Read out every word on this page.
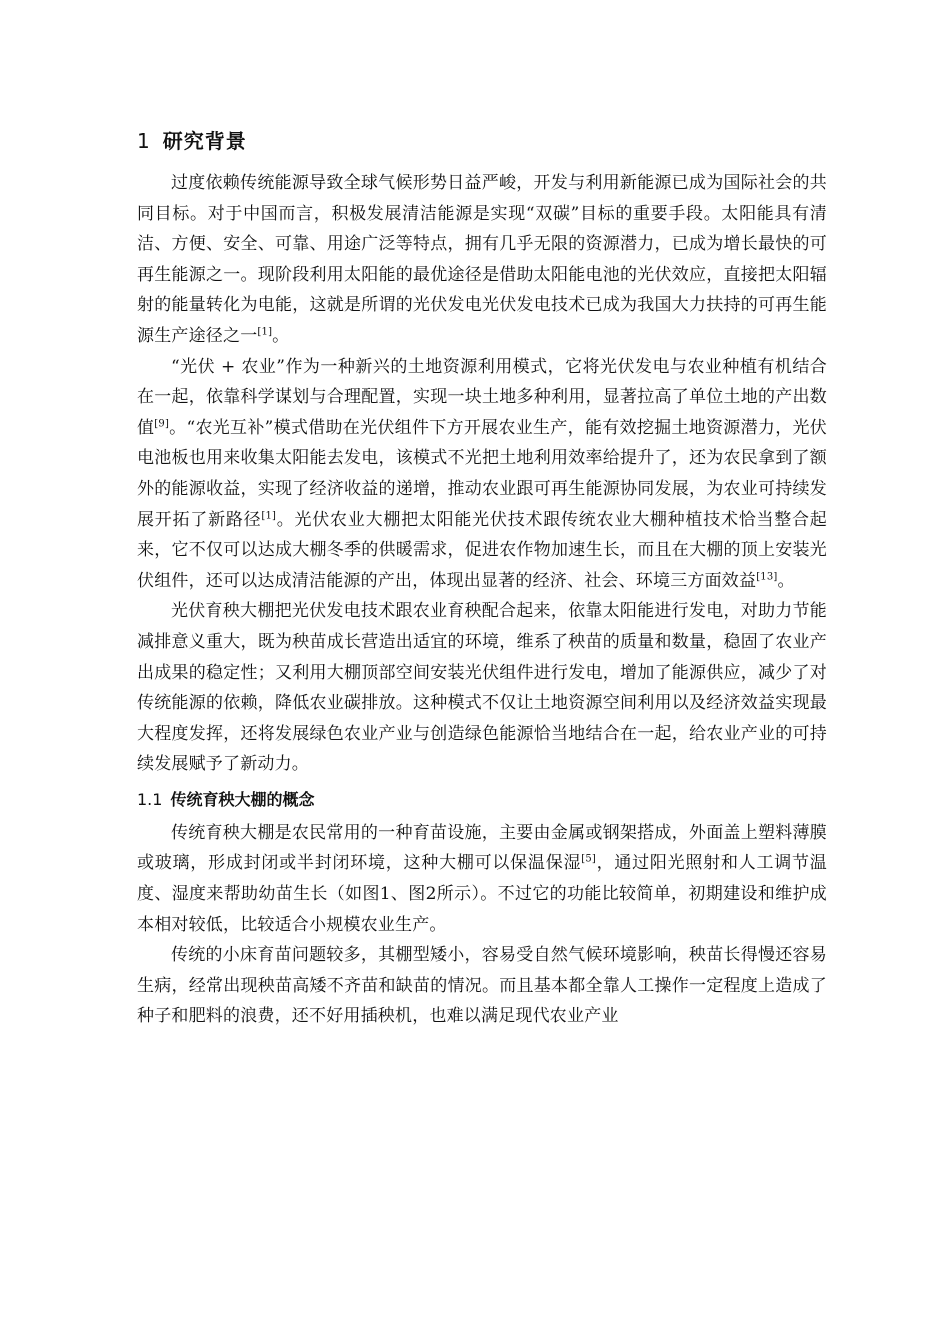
1 研究背景

过度依赖传统能源导致全球气候形势日益严峻，开发与利用新能源已成为国际社会的共同目标。对于中国而言，积极发展清洁能源是实现“双碳”目标的重要手段。太阳能具有清洁、方便、安全、可靠、用途广泛等特点，拥有几乎无限的资源潜力，已成为增长最快的可再生能源之一。现阶段利用太阳能的最优途径是借助太阳能电池的光伏效应，直接把太阳辐射的能量转化为电能，这就是所谓的光伏发电光伏发电技术已成为我国大力扶持的可再生能源生产途径之一[1]。

“光伏 + 农业”作为一种新兴的土地资源利用模式，它将光伏发电与农业种植有机结合在一起，依靠科学谋划与合理配置，实现一块土地多种利用，显著拉高了单位土地的产出数值[9]。“农光互补”模式借助在光伏组件下方开展农业生产，能有效挖掘土地资源潜力，光伏电池板也用来收集太阳能去发电，该模式不光把土地利用效率给提升了，还为农民拿到了额外的能源收益，实现了经济收益的递增，推动农业跟可再生能源协同发展，为农业可持续发展开拓了新路径[1]。光伏农业大棚把太阳能光伏技术跟传统农业大棚种植技术恰当整合起来，它不仅可以达成大棚冬季的供暖需求，促进农作物加速生长，而且在大棚的顶上安装光伏组件，还可以达成清洁能源的产出，体现出显著的经济、社会、环境三方面效益[13]。

光伏育秧大棚把光伏发电技术跟农业育秧配合起来，依靠太阳能进行发电，对助力节能减排意义重大，既为秧苗成长营造出适宜的环境，维系了秧苗的质量和数量，稳固了农业产出成果的稳定性；又利用大棚顶部空间安装光伏组件进行发电，增加了能源供应，减少了对传统能源的依赖，降低农业碳排放。这种模式不仅让土地资源空间利用以及经济效益实现最大程度发挥，还将发展绿色农业产业与创造绿色能源恰当地结合在一起，给农业产业的可持续发展赋予了新动力。

1.1 传统育秧大棚的概念

传统育秧大棚是农民常用的一种育苗设施，主要由金属或钢架搭成，外面盖上塑料薄膜或玻璃，形成封闭或半封闭环境，这种大棚可以保温保湿[5]，通过阳光照射和人工调节温度、湿度来帮助幼苗生长（如图1、图2所示）。不过它的功能比较简单，初期建设和维护成本相对较低，比较适合小规模农业生产。

传统的小床育苗问题较多，其棚型矮小，容易受自然气候环境影响，秧苗长得慢还容易生病，经常出现秧苗高矮不齐苗和缺苗的情况。而且基本都全靠人工操作一定程度上造成了种子和肥料的浪费，还不好用插秧机，也难以满足现代农业产业
